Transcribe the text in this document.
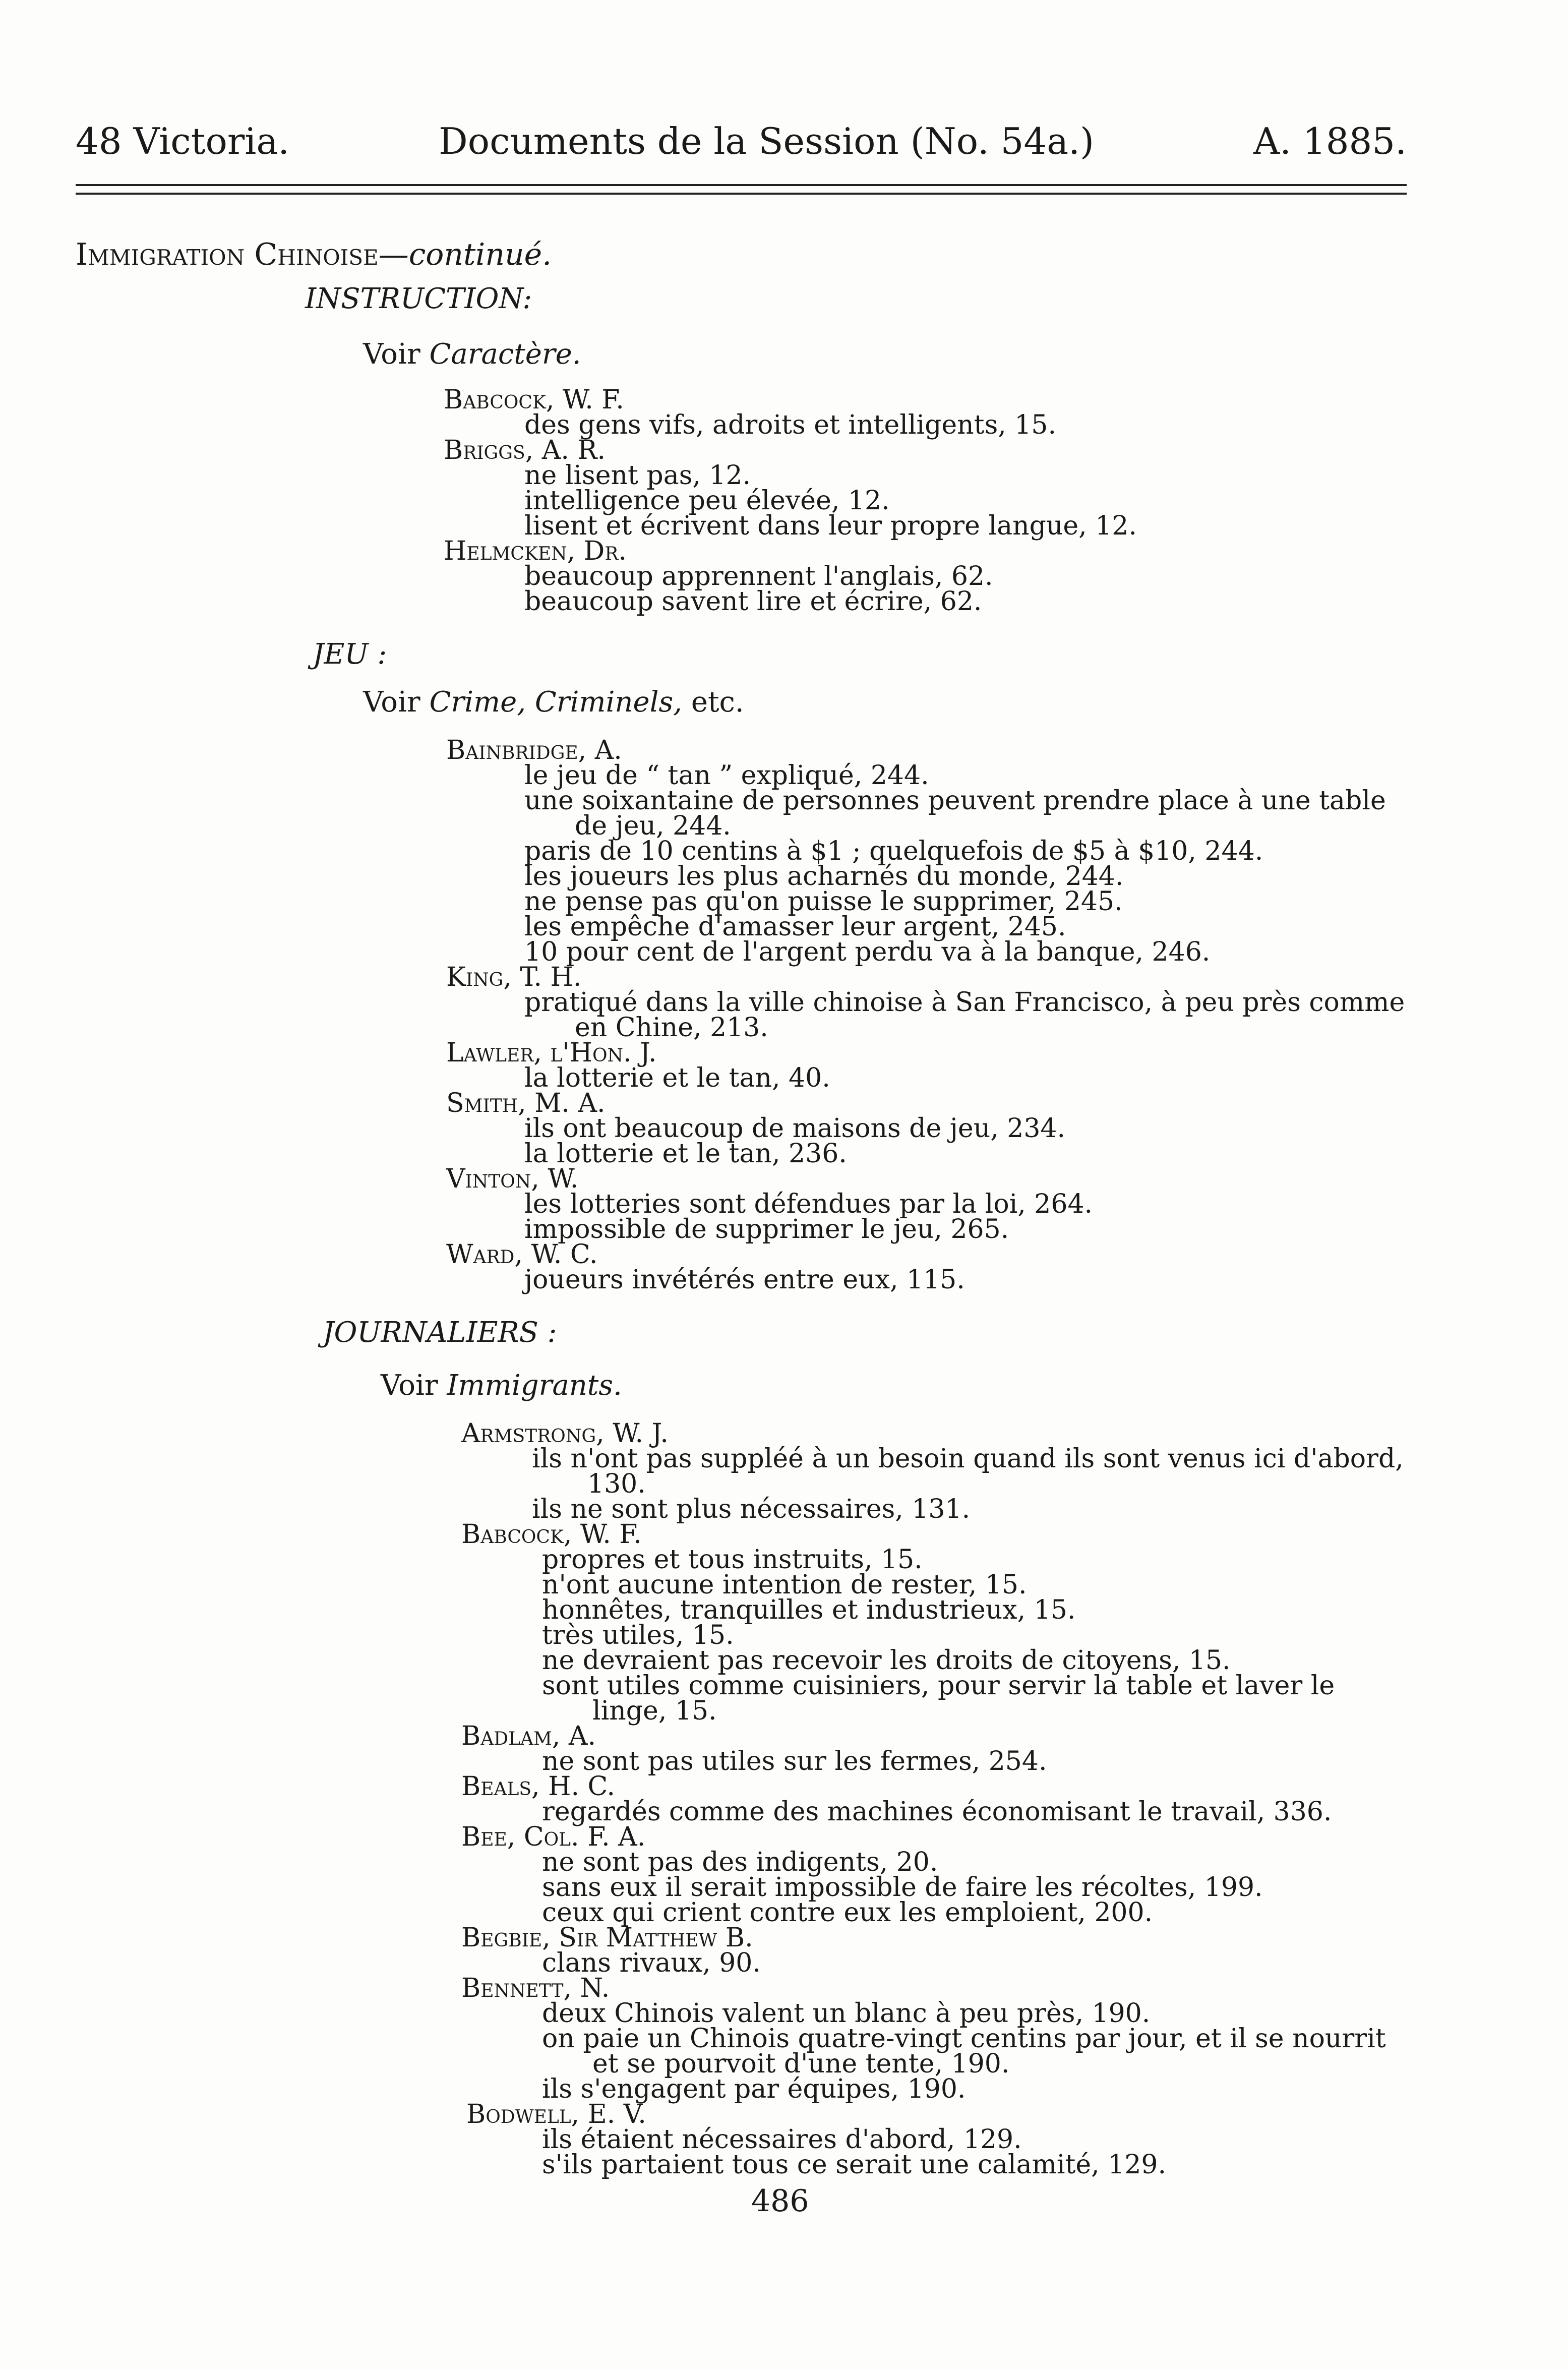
48 Victoria.	Documents de la Session (No. 54a.)	A. 1885.
Immigration Chinoise—continué.
INSTRUCTION:
Voir Caractère.
Babcock, W. F.
des gens vifs, adroits et intelligents, 15.
Briggs, A. R.
ne lisent pas, 12.
intelligence peu élevée, 12.
lisent et écrivent dans leur propre langue, 12.
Helmcken, Dr.
beaucoup apprennent l'anglais, 62.
beaucoup savent lire et écrire, 62.
JEU :
Voir Crime, Criminels, etc.
Bainbridge, A.
le jeu de “ tan ” expliqué, 244.
une soixantaine de personnes peuvent prendre place à une table
de jeu, 244.
paris de 10 centins à $1 ; quelquefois de $5 à $10, 244.
les joueurs les plus acharnés du monde, 244.
ne pense pas qu'on puisse le supprimer, 245.
les empêche d'amasser leur argent, 245.
10 pour cent de l'argent perdu va à la banque, 246.
King, T. H.
pratiqué dans la ville chinoise à San Francisco, à peu près comme
en Chine, 213.
Lawler, l'Hon. J.
la lotterie et le tan, 40.
Smith, M. A.
ils ont beaucoup de maisons de jeu, 234.
la lotterie et le tan, 236.
Vinton, W.
les lotteries sont défendues par la loi, 264.
impossible de supprimer le jeu, 265.
Ward, W. C.
joueurs invétérés entre eux, 115.
JOURNALIERS :
Voir Immigrants.
Armstrong, W. J.
ils n'ont pas suppléé à un besoin quand ils sont venus ici d'abord,
130.
ils ne sont plus nécessaires, 131.
Babcock, W. F.
propres et tous instruits, 15.
n'ont aucune intention de rester, 15.
honnêtes, tranquilles et industrieux, 15.
très utiles, 15.
ne devraient pas recevoir les droits de citoyens, 15.
sont utiles comme cuisiniers, pour servir la table et laver le
linge, 15.
Badlam, A.
ne sont pas utiles sur les fermes, 254.
Beals, H. C.
regardés comme des machines économisant le travail, 336.
Bee, Col. F. A.
ne sont pas des indigents, 20.
sans eux il serait impossible de faire les récoltes, 199.
ceux qui crient contre eux les emploient, 200.
Begbie, Sir Matthew B.
clans rivaux, 90.
Bennett, N.
deux Chinois valent un blanc à peu près, 190.
on paie un Chinois quatre-vingt centins par jour, et il se nourrit
et se pourvoit d'une tente, 190.
ils s'engagent par équipes, 190.
Bodwell, E. V.
ils étaient nécessaires d'abord, 129.
s'ils partaient tous ce serait une calamité, 129.
486
